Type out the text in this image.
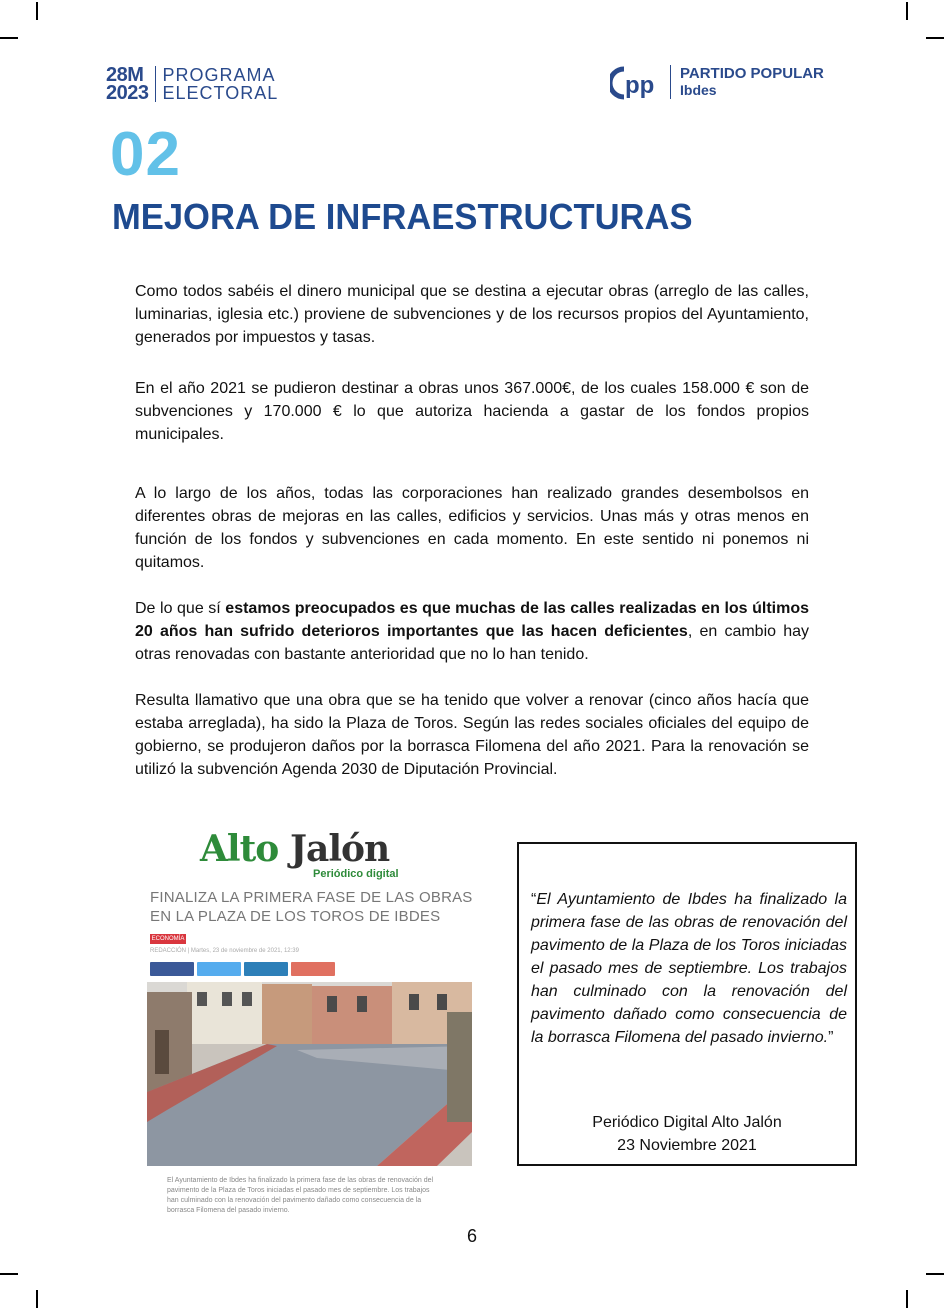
28M
2023
PROGRAMA
ELECTORAL	pp PARTIDO POPULAR
Ibdes
02
MEJORA DE INFRAESTRUCTURAS
Como todos sabéis el dinero municipal que se destina a ejecutar obras (arreglo de las calles, luminarias, iglesia etc.) proviene de subvenciones y de los recursos propios del Ayuntamiento, generados por impuestos y tasas.
En el año 2021 se pudieron destinar a obras unos 367.000€, de los cuales 158.000 € son de subvenciones y 170.000 € lo que autoriza hacienda a gastar de los fondos propios municipales.
A lo largo de los años, todas las corporaciones han realizado grandes desembolsos en diferentes obras de mejoras en las calles, edificios y servicios. Unas más y otras menos en función de los fondos y subvenciones en cada momento. En este sentido ni ponemos ni quitamos.
De lo que sí estamos preocupados es que muchas de las calles realizadas en los últimos 20 años han sufrido deterioros importantes que las hacen deficientes, en cambio hay otras renovadas con bastante anterioridad que no lo han tenido.
Resulta llamativo que una obra que se ha tenido que volver a renovar (cinco años hacía que estaba arreglada), ha sido la Plaza de Toros. Según las redes sociales oficiales del equipo de gobierno, se produjeron daños por la borrasca Filomena del año 2021. Para la renovación se utilizó la subvención Agenda 2030 de Diputación Provincial.
Alto Jalón
Periódico digital
FINALIZA LA PRIMERA FASE DE LAS OBRAS EN LA PLAZA DE LOS TOROS DE IBDES
ECONOMÍA
REDACCIÓN | Martes, 23 de noviembre de 2021, 12:39
El Ayuntamiento de Ibdes ha finalizado la primera fase de las obras de renovación del pavimento de la Plaza de Toros iniciadas el pasado mes de septiembre. Los trabajos han culminado con la renovación del pavimento dañado como consecuencia de la borrasca Filomena del pasado invierno.
“El Ayuntamiento de Ibdes ha finalizado la primera fase de las obras de renovación del pavimento de la Plaza de los Toros iniciadas el pasado mes de septiembre. Los trabajos han culminado con la renovación del pavimento dañado como consecuencia de la borrasca Filomena del pasado invierno.”
Periódico Digital Alto Jalón
23 Noviembre 2021
6
